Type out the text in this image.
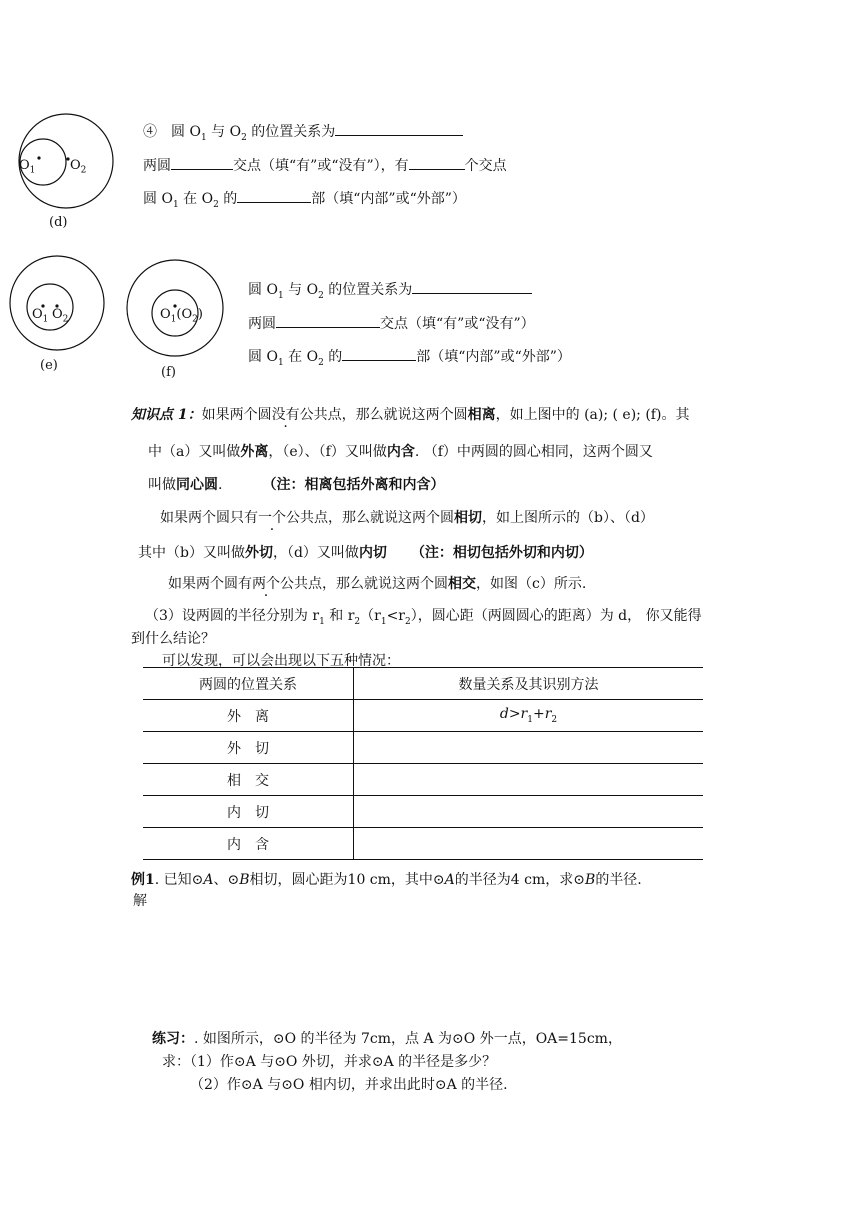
$O_1$	$O_2$
(d)
④　圆 $O_1$ 与 $O_2$ 的位置关系为
两圆	交点（填“有”或“没有”），有	个交点
圆 $O_1$ 在 $O_2$ 的	部（填“内部”或“外部”）
$O_1$ $O_2$
(e)
$O_1(O_2)$
(f)
圆 $O_1$ 与 $O_2$ 的位置关系为
两圆	交点（填“有”或“没有”）
圆 $O_1$ 在 $O_2$ 的	部（填“内部”或“外部”）
知识点 1：如果两个圆没有公共点，那么就说这两个圆相离，如上图中的 (a); ( e); (f)。其
中（a）又叫做外离，（e）、（f）又叫做内含. （f）中两圆的圆心相同，这两个圆又
叫做同心圆.	（注：相离包括外离和内含）
如果两个圆只有一个公共点，那么就说这两个圆相切，如上图所示的（b）、（d）
其中（b）又叫做外切，（d）又叫做内切 （注：相切包括外切和内切）
如果两个圆有两个公共点，那么就说这两个圆相交，如图（c）所示.
（3）设两圆的半径分别为 $r_1$ 和 $r_2(r_1<r_2)$，圆心距（两圆圆心的距离）为 d， 你又能得
到什么结论？
可以发现，可以会出现以下五种情况：
两圆的位置关系	数量关系及其识别方法
外　离	$d>r_1+r_2$
外　切	
相　交	
内　切	
内　含	
例1. 已知⊙A、⊙B相切，圆心距为10 cm，其中⊙A的半径为4 cm，求⊙B的半径.
解
练习：. 如图所示，⊙O 的半径为 7cm，点 A 为⊙O 外一点，OA=15cm，
求：（1）作⊙A 与⊙O 外切，并求⊙A 的半径是多少？
（2）作⊙A 与⊙O 相内切，并求出此时⊙A 的半径.
